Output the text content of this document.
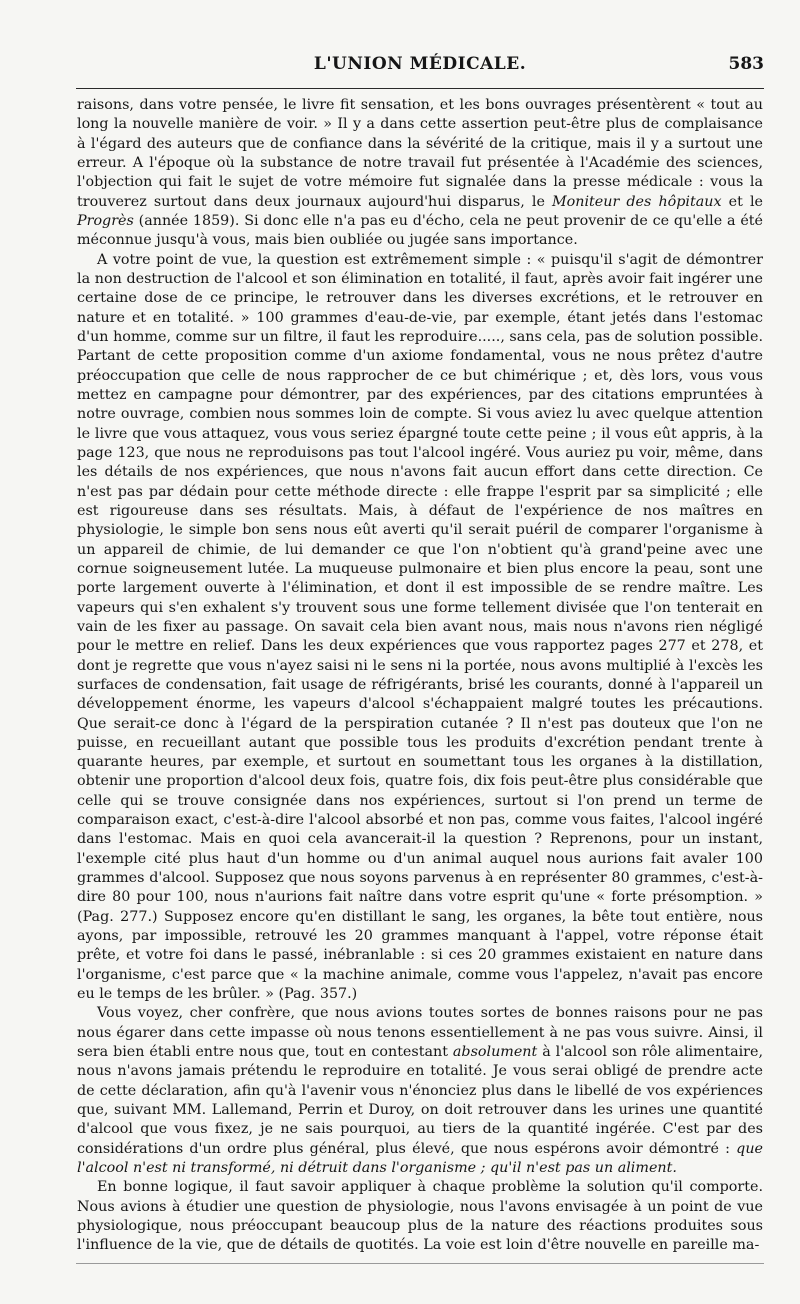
L'UNION MÉDICALE.	583

raisons, dans votre pensée, le livre fit sensation, et les bons ouvrages présentèrent « tout au long la nouvelle manière de voir. » Il y a dans cette assertion peut-être plus de complaisance à l'égard des auteurs que de confiance dans la sévérité de la critique, mais il y a surtout une erreur. A l'époque où la substance de notre travail fut présentée à l'Académie des sciences, l'objection qui fait le sujet de votre mémoire fut signalée dans la presse médicale : vous la trouverez surtout dans deux journaux aujourd'hui disparus, le Moniteur des hôpitaux et le Progrès (année 1859). Si donc elle n'a pas eu d'écho, cela ne peut provenir de ce qu'elle a été méconnue jusqu'à vous, mais bien oubliée ou jugée sans importance.

A votre point de vue, la question est extrêmement simple : « puisqu'il s'agit de démontrer la non destruction de l'alcool et son élimination en totalité, il faut, après avoir fait ingérer une certaine dose de ce principe, le retrouver dans les diverses excrétions, et le retrouver en nature et en totalité. » 100 grammes d'eau-de-vie, par exemple, étant jetés dans l'estomac d'un homme, comme sur un filtre, il faut les reproduire....., sans cela, pas de solution possible. Partant de cette proposition comme d'un axiome fondamental, vous ne nous prêtez d'autre préoccupation que celle de nous rapprocher de ce but chimérique ; et, dès lors, vous vous mettez en campagne pour démontrer, par des expériences, par des citations empruntées à notre ouvrage, combien nous sommes loin de compte. Si vous aviez lu avec quelque attention le livre que vous attaquez, vous vous seriez épargné toute cette peine ; il vous eût appris, à la page 123, que nous ne reproduisons pas tout l'alcool ingéré. Vous auriez pu voir, même, dans les détails de nos expériences, que nous n'avons fait aucun effort dans cette direction. Ce n'est pas par dédain pour cette méthode directe : elle frappe l'esprit par sa simplicité ; elle est rigoureuse dans ses résultats. Mais, à défaut de l'expérience de nos maîtres en physiologie, le simple bon sens nous eût averti qu'il serait puéril de comparer l'organisme à un appareil de chimie, de lui demander ce que l'on n'obtient qu'à grand'peine avec une cornue soigneusement lutée. La muqueuse pulmonaire et bien plus encore la peau, sont une porte largement ouverte à l'élimination, et dont il est impossible de se rendre maître. Les vapeurs qui s'en exhalent s'y trouvent sous une forme tellement divisée que l'on tenterait en vain de les fixer au passage. On savait cela bien avant nous, mais nous n'avons rien négligé pour le mettre en relief. Dans les deux expériences que vous rapportez pages 277 et 278, et dont je regrette que vous n'ayez saisi ni le sens ni la portée, nous avons multiplié à l'excès les surfaces de condensation, fait usage de réfrigérants, brisé les courants, donné à l'appareil un développement énorme, les vapeurs d'alcool s'échappaient malgré toutes les précautions. Que serait-ce donc à l'égard de la perspiration cutanée ? Il n'est pas douteux que l'on ne puisse, en recueillant autant que possible tous les produits d'excrétion pendant trente à quarante heures, par exemple, et surtout en soumettant tous les organes à la distillation, obtenir une proportion d'alcool deux fois, quatre fois, dix fois peut-être plus considérable que celle qui se trouve consignée dans nos expériences, surtout si l'on prend un terme de comparaison exact, c'est-à-dire l'alcool absorbé et non pas, comme vous faites, l'alcool ingéré dans l'estomac. Mais en quoi cela avancerait-il la question ? Reprenons, pour un instant, l'exemple cité plus haut d'un homme ou d'un animal auquel nous aurions fait avaler 100 grammes d'alcool. Supposez que nous soyons parvenus à en représenter 80 grammes, c'est-à-dire 80 pour 100, nous n'aurions fait naître dans votre esprit qu'une « forte présomption. » (Pag. 277.) Supposez encore qu'en distillant le sang, les organes, la bête tout entière, nous ayons, par impossible, retrouvé les 20 grammes manquant à l'appel, votre réponse était prête, et votre foi dans le passé, inébranlable : si ces 20 grammes existaient en nature dans l'organisme, c'est parce que « la machine animale, comme vous l'appelez, n'avait pas encore eu le temps de les brûler. » (Pag. 357.)

Vous voyez, cher confrère, que nous avions toutes sortes de bonnes raisons pour ne pas nous égarer dans cette impasse où nous tenons essentiellement à ne pas vous suivre. Ainsi, il sera bien établi entre nous que, tout en contestant absolument à l'alcool son rôle alimentaire, nous n'avons jamais prétendu le reproduire en totalité. Je vous serai obligé de prendre acte de cette déclaration, afin qu'à l'avenir vous n'énonciez plus dans le libellé de vos expériences que, suivant MM. Lallemand, Perrin et Duroy, on doit retrouver dans les urines une quantité d'alcool que vous fixez, je ne sais pourquoi, au tiers de la quantité ingérée. C'est par des considérations d'un ordre plus général, plus élevé, que nous espérons avoir démontré : que l'alcool n'est ni transformé, ni détruit dans l'organisme ; qu'il n'est pas un aliment.

En bonne logique, il faut savoir appliquer à chaque problème la solution qu'il comporte. Nous avions à étudier une question de physiologie, nous l'avons envisagée à un point de vue physiologique, nous préoccupant beaucoup plus de la nature des réactions produites sous l'influence de la vie, que de détails de quotités. La voie est loin d'être nouvelle en pareille ma-
